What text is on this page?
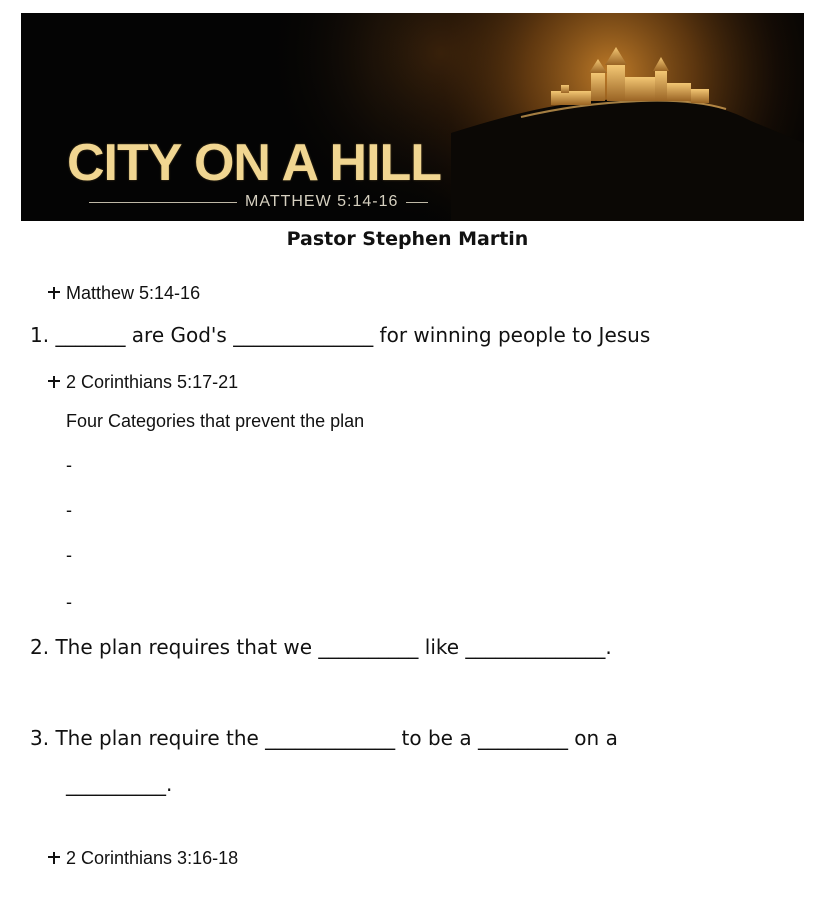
CITY ON A HILL
MATTHEW 5:14-16
Pastor Stephen Martin
Matthew 5:14-16
1. _______ are God's ______________ for winning people to Jesus
2 Corinthians 5:17-21
Four Categories that prevent the plan
-
-
-
-
2. The plan requires that we __________ like ______________.
3. The plan require the _____________ to be a _________ on a
__________.
2 Corinthians 3:16-18
